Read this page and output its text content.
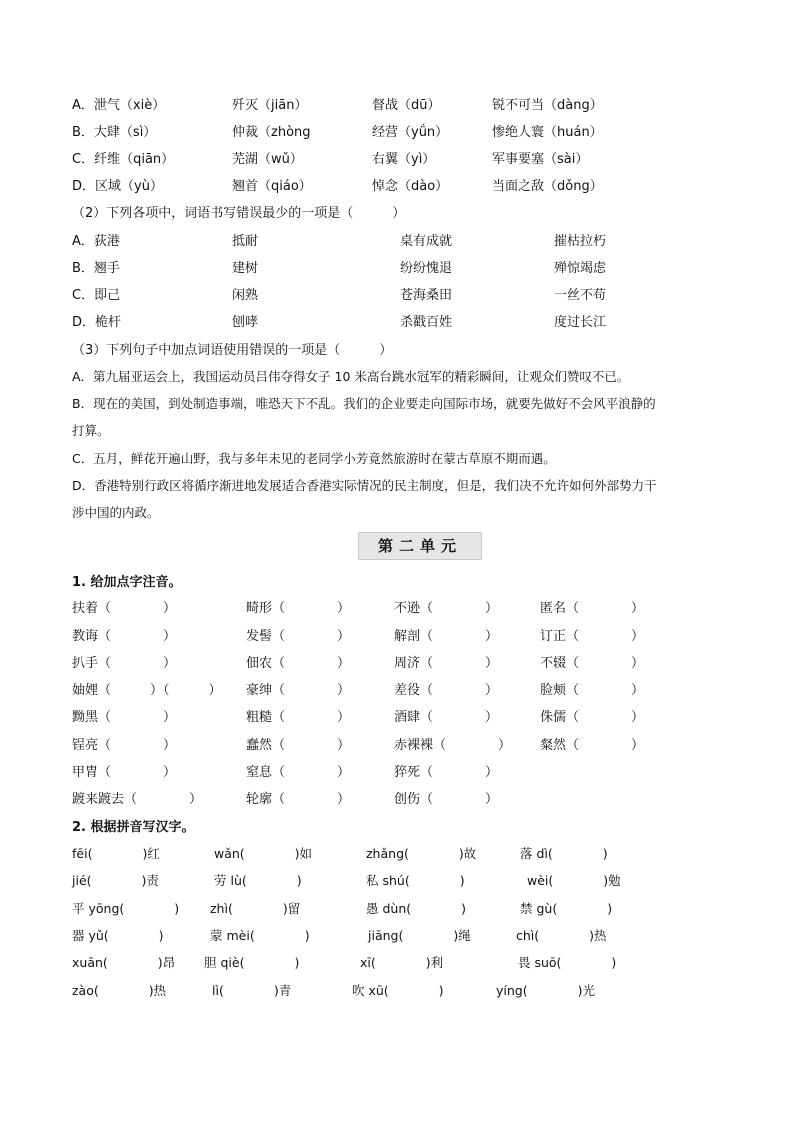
A．泄气（xiè）	歼灭（jiān）	督战（dū）	锐不可当（dàng）
B．大肆（sì）	仲裁（zhòng	经营（yǘn）	惨绝人寰（huán）
C．纤维（qiān）	芜湖（wǔ）	右翼（yì）	军事要塞（sài）
D．区域（yù）	翘首（qiáo）	悼念（dào）	当面之敌（dǒng）
（2）下列各项中，词语书写错误最少的一项是（　　　）
A．荻港	抵耐	桌有成就	摧枯拉朽
B．翘手	建树	纷纷愧退	殚惊竭虑
C．即己	闲熟	苍海桑田	一丝不苟
D．桅杆	刨哮	杀戳百姓	度过长江
（3）下列句子中加点词语使用错误的一项是（　　　）
A．第九届亚运会上，我国运动员吕伟夺得女子 10 米高台跳水冠军的精彩瞬间，让观众们赞叹不已。
B．现在的美国，到处制造事端，唯恐天下不乱。我们的企业要走向国际市场，就要先做好不会风平浪静的
打算。
C．五月，鲜花开遍山野，我与多年未见的老同学小芳竟然旅游时在蒙古草原不期而遇。
D．香港特别行政区将循序渐进地发展适合香港实际情况的民主制度，但是，我们决不允许如何外部势力干
涉中国的内政。
第二单元
1. 给加点字注音。
扶着（　　　　）	畸形（　　　　）	不逊（　　　　）	匿名（　　　　）
教诲（　　　　）	发髻（　　　　）	解剖（　　　　）	订正（　　　　）
扒手（　　　　）	佃农（　　　　）	周济（　　　　）	不辍（　　　　）
妯娌（　　　）（　　　） 豪绅（　　　　）	差役（　　　　）	脸颊（　　　　）
黝黑（　　　　）	粗糙（　　　　）	酒肆（　　　　）	侏儒（　　　　）
锃亮（　　　　）	蠢然（　　　　）	赤裸裸（　　　　） 粲然（　　　　）
甲胄（　　　　）	窒息（　　　　）	猝死（　　　　）
踱来踱去（　　　　）	轮廓（　　　　）	创伤（　　　　）
2. 根据拼音写汉字。
fēi(　　　　)红	wǎn(　　　　)如	zhǎng(　　　　)故	落 dì(　　　　)
jié(　　　　)责	劳 lù(　　　　)	私 shú(　　　　)	wèi(　　　　)勉
平 yōng(　　　　) zhì(　　　　)留	愚 dùn(　　　　)	禁 gù(　　　　)
器 yǔ(　　　　)	蒙 mèi(　　　　)	jiāng(　　　　)绳	chì(　　　　)热
xuān(　　　　)昂 胆 qiè(　　　　)	xī(　　　　)利	畏 suō(　　　　)
zào(　　　　)热	lì(　　　　)青	吹 xū(　　　　)	yíng(　　　　)光
